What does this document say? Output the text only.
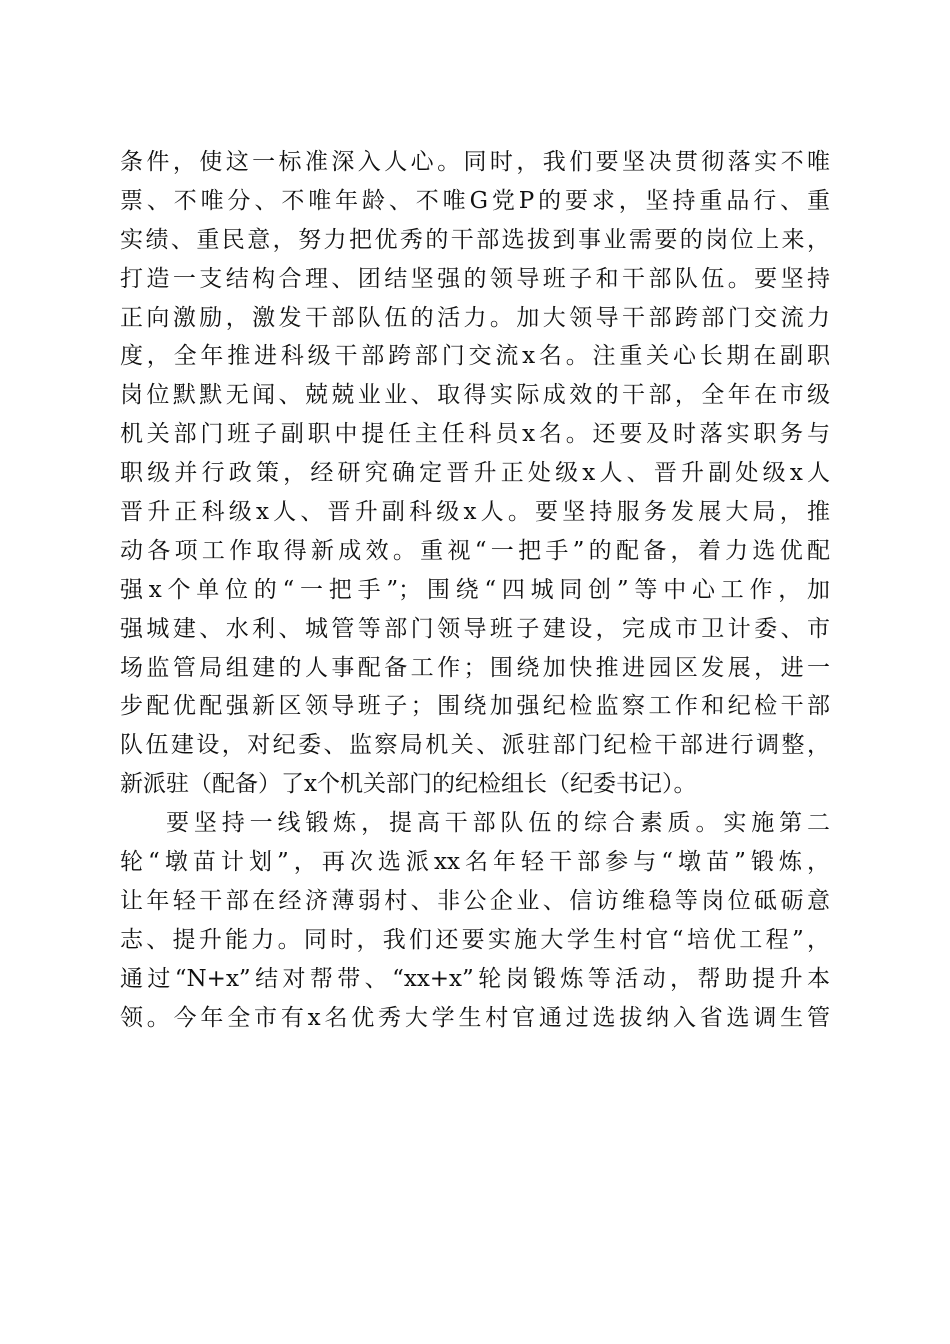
条件，使这一标准深入人心。同时，我们要坚决贯彻落实不唯
票、不唯分、不唯年龄、不唯G党P的要求，坚持重品行、重
实绩、重民意，努力把优秀的干部选拔到事业需要的岗位上来，
打造一支结构合理、团结坚强的领导班子和干部队伍。要坚持
正向激励，激发干部队伍的活力。加大领导干部跨部门交流力
度，全年推进科级干部跨部门交流x名。注重关心长期在副职
岗位默默无闻、兢兢业业、取得实际成效的干部，全年在市级
机关部门班子副职中提任主任科员x名。还要及时落实职务与
职级并行政策，经研究确定晋升正处级x人、晋升副处级x人
晋升正科级x人、晋升副科级x人。要坚持服务发展大局，推
动各项工作取得新成效。重视“一把手”的配备，着力选优配
强x个单位的“一把手”；围绕“四城同创”等中心工作，加
强城建、水利、城管等部门领导班子建设，完成市卫计委、市
场监管局组建的人事配备工作；围绕加快推进园区发展，进一
步配优配强新区领导班子；围绕加强纪检监察工作和纪检干部
队伍建设，对纪委、监察局机关、派驻部门纪检干部进行调整，
新派驻（配备）了x个机关部门的纪检组长（纪委书记）。
要坚持一线锻炼，提高干部队伍的综合素质。实施第二
轮“墩苗计划”，再次选派xx名年轻干部参与“墩苗”锻炼，
让年轻干部在经济薄弱村、非公企业、信访维稳等岗位砥砺意
志、提升能力。同时，我们还要实施大学生村官“培优工程”，
通过“N+x”结对帮带、“xx+x”轮岗锻炼等活动，帮助提升本
领。今年全市有x名优秀大学生村官通过选拔纳入省选调生管
